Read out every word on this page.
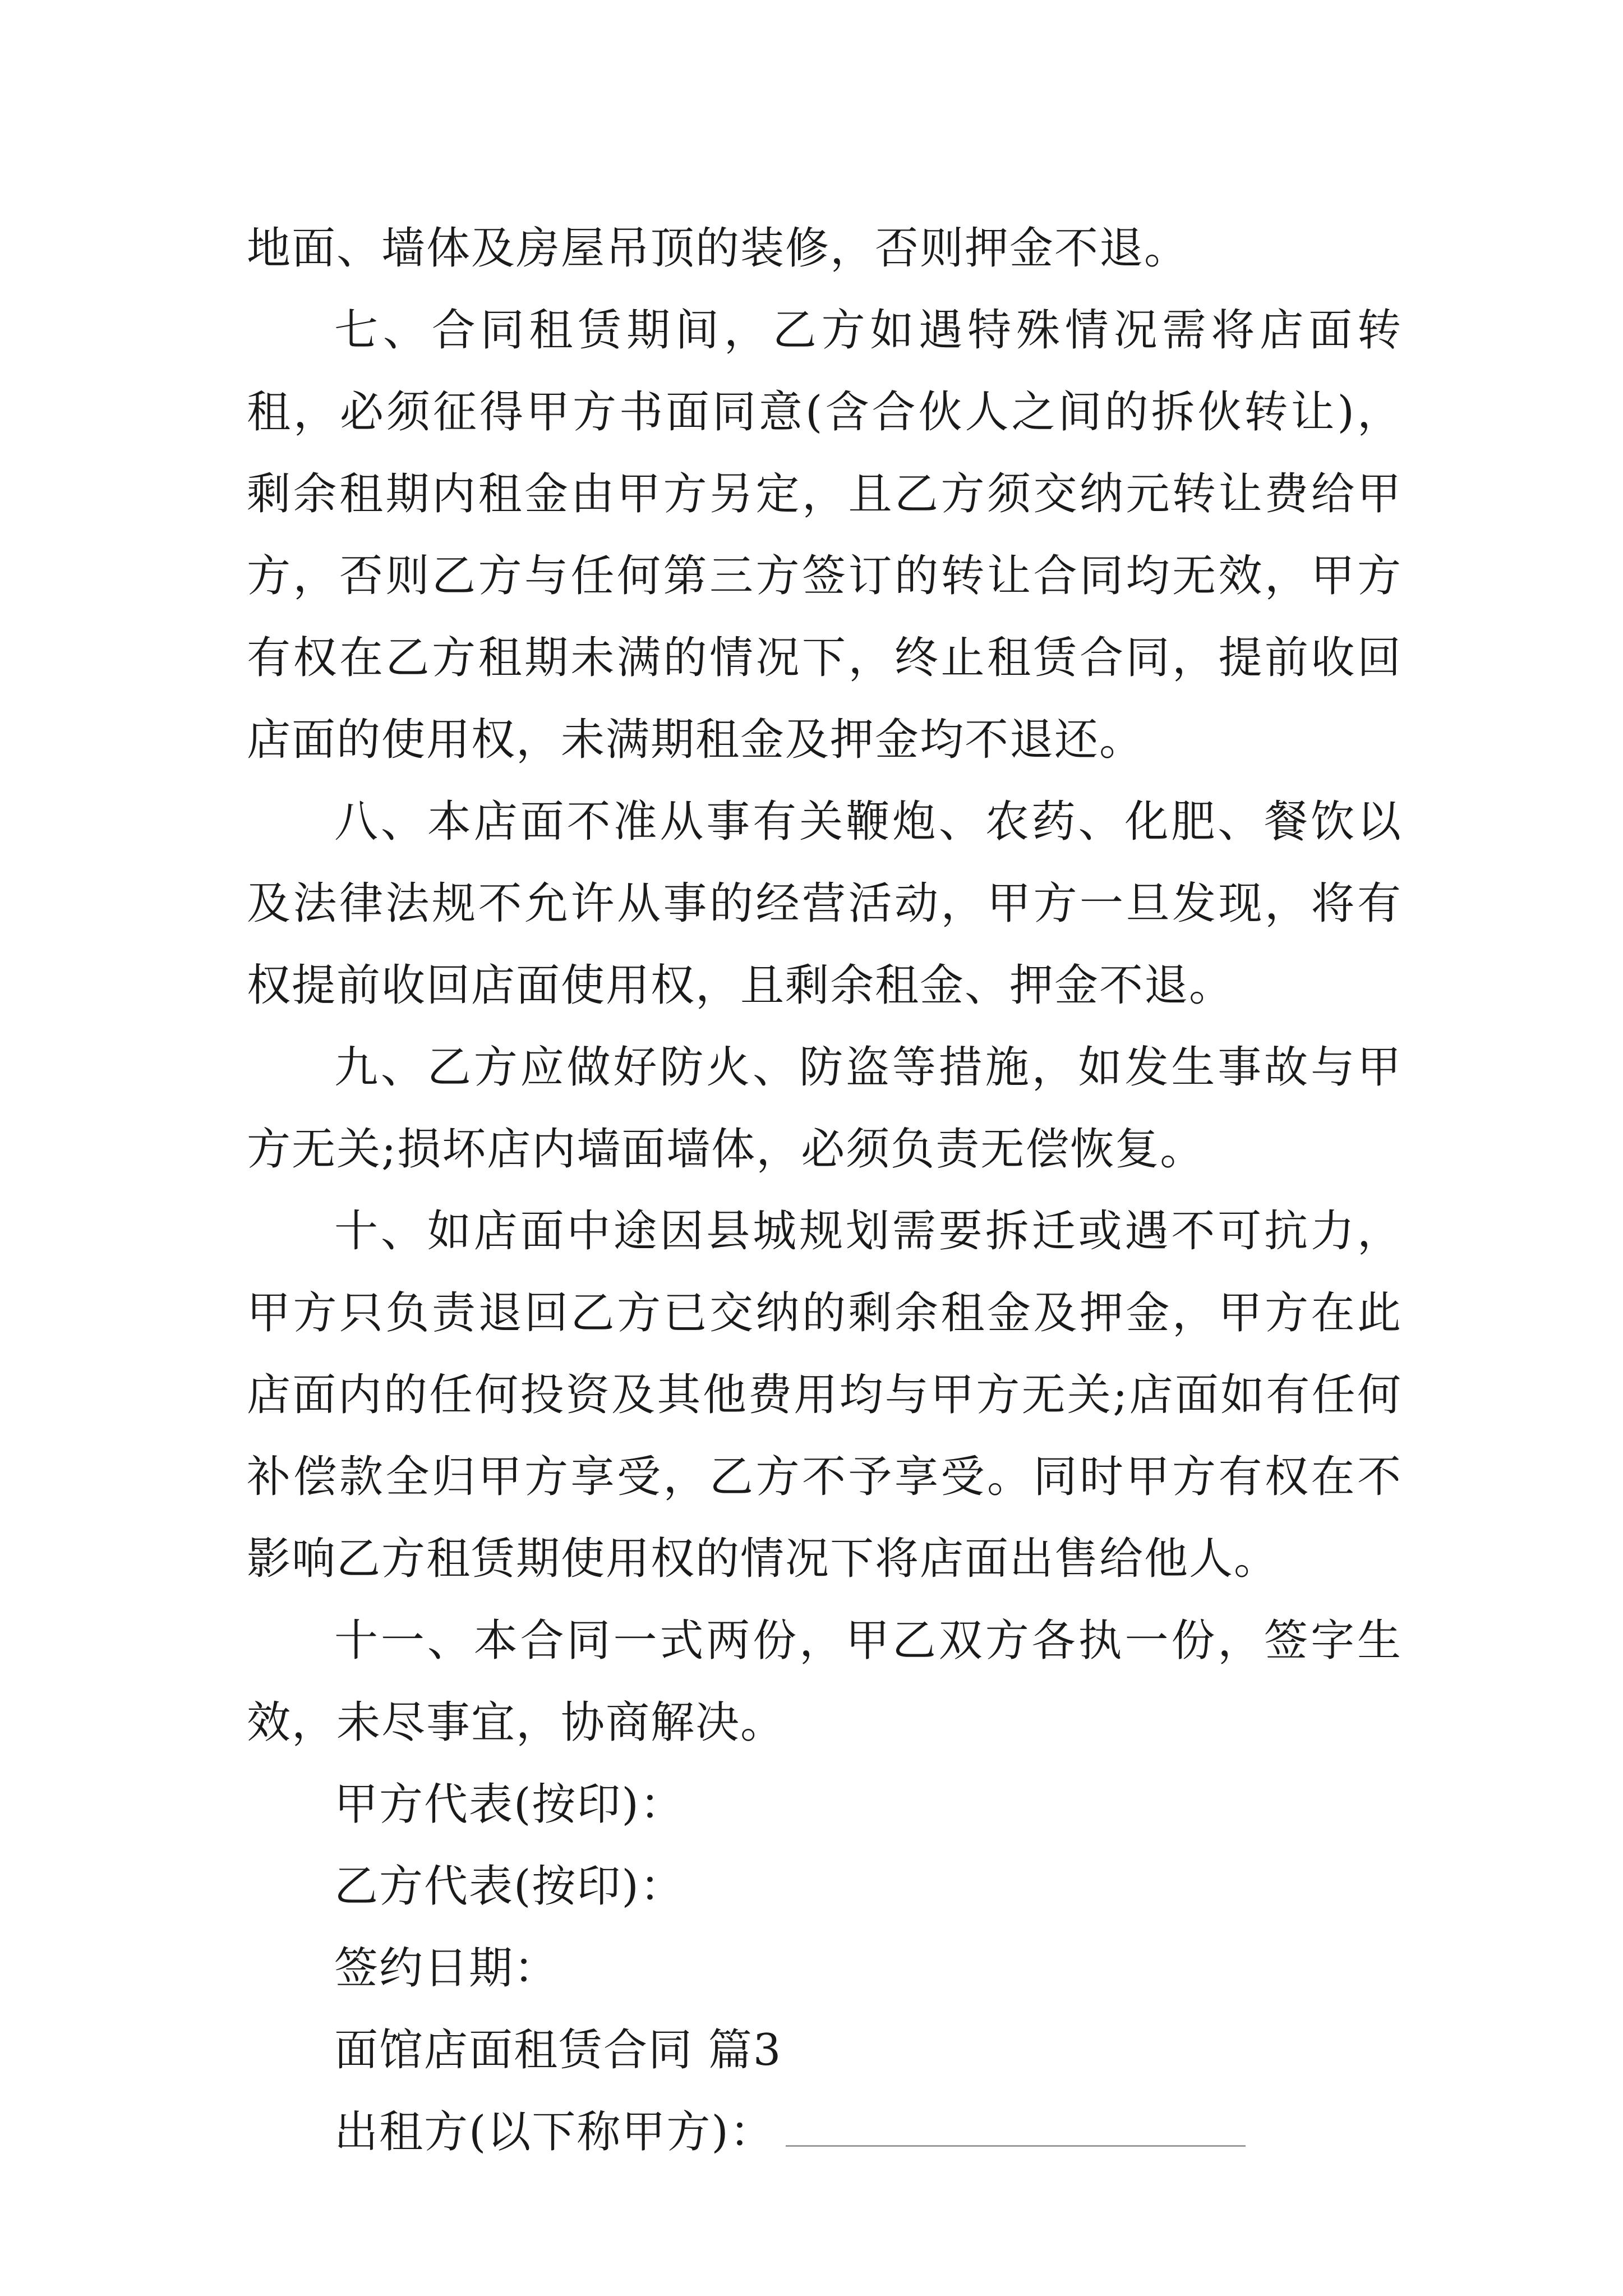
地面、墙体及房屋吊顶的装修，否则押金不退。

七、合同租赁期间，乙方如遇特殊情况需将店面转租，必须征得甲方书面同意(含合伙人之间的拆伙转让)，剩余租期内租金由甲方另定，且乙方须交纳元转让费给甲方，否则乙方与任何第三方签订的转让合同均无效，甲方有权在乙方租期未满的情况下，终止租赁合同，提前收回店面的使用权，未满期租金及押金均不退还。

八、本店面不准从事有关鞭炮、农药、化肥、餐饮以及法律法规不允许从事的经营活动，甲方一旦发现，将有权提前收回店面使用权，且剩余租金、押金不退。

九、乙方应做好防火、防盗等措施，如发生事故与甲方无关;损坏店内墙面墙体，必须负责无偿恢复。

十、如店面中途因县城规划需要拆迁或遇不可抗力，甲方只负责退回乙方已交纳的剩余租金及押金，甲方在此店面内的任何投资及其他费用均与甲方无关;店面如有任何补偿款全归甲方享受，乙方不予享受。同时甲方有权在不影响乙方租赁期使用权的情况下将店面出售给他人。

十一、本合同一式两份，甲乙双方各执一份，签字生效，未尽事宜，协商解决。

甲方代表(按印)：

乙方代表(按印)：

签约日期：

面馆店面租赁合同 篇3

出租方(以下称甲方)：
